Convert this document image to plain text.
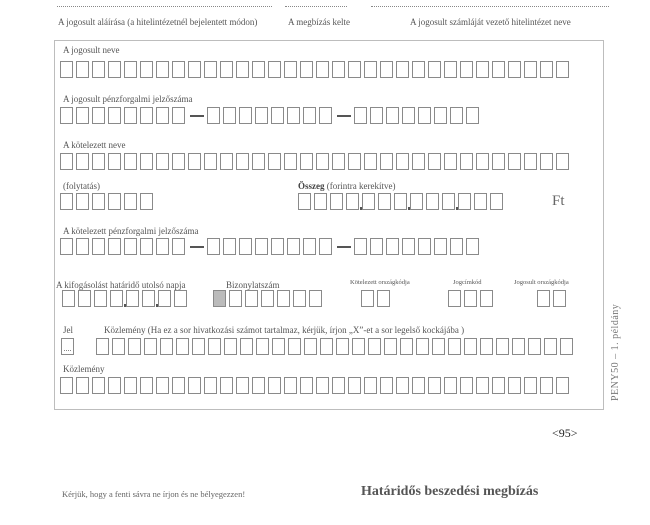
A jogosult aláírása (a hitelintézetnél bejelentett módon)	A megbízás kelte	A jogosult számláját vezető hitelintézet neve
A jogosult neve
A jogosult pénzforgalmi jelzőszáma
A kötelezett neve
(folytatás)	Összeg (forintra kerekítve)
Ft
A kötelezett pénzforgalmi jelzőszáma
A kifogásolást határidő utolsó napja	Bizonylatszám	Kötelezett országkódja	Jogcímkód	Jogosult országkódja
Jel	Közlemény (Ha ez a sor hivatkozási számot tartalmaz, kérjük, írjon „X”-et a sor legelső kockájába )
Közlemény	PENY50 – 1. példány
<95>
Kérjük, hogy a fenti sávra ne írjon és ne bélyegezzen!	Határidős beszedési megbízás
